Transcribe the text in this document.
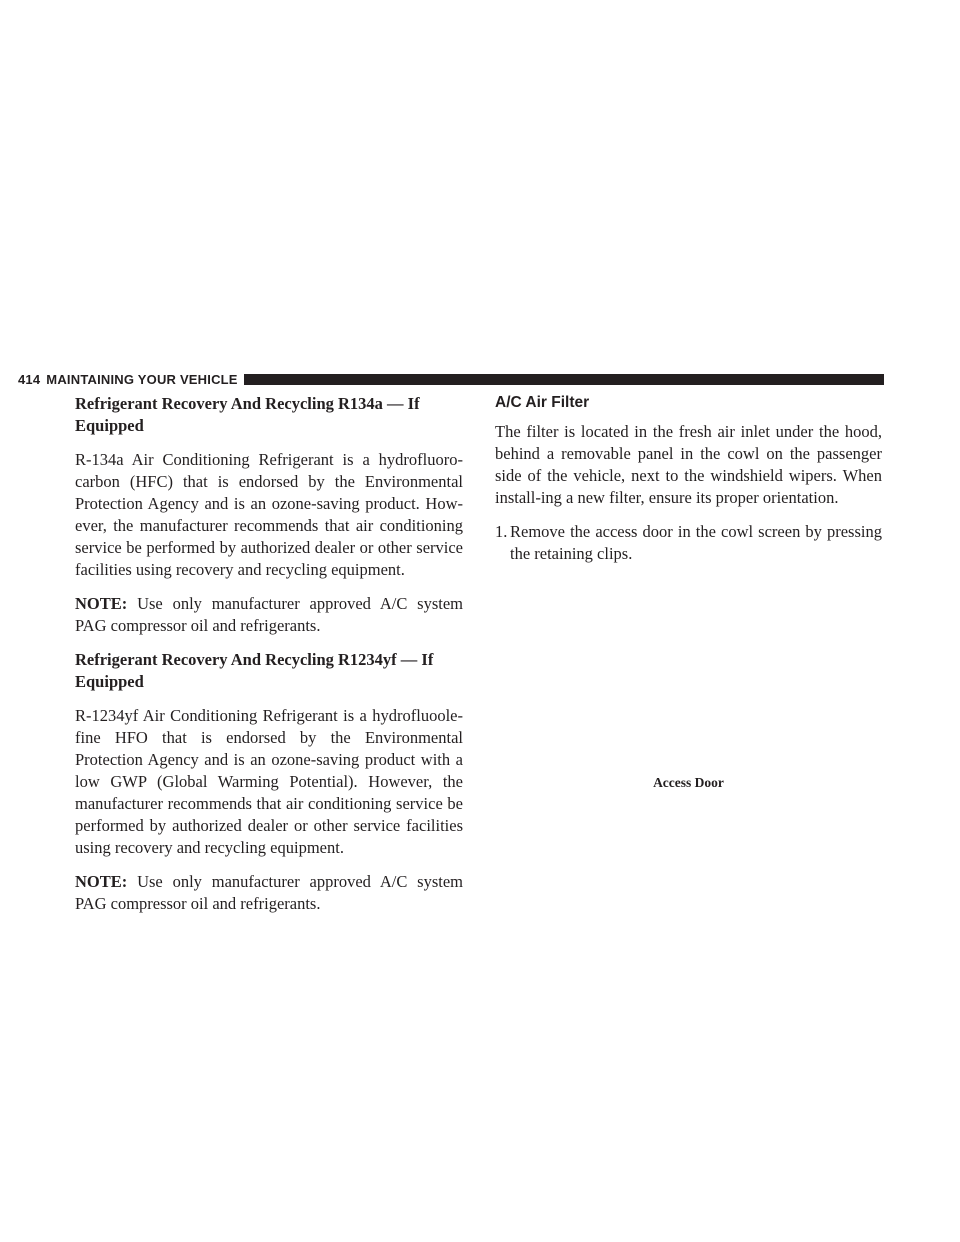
414 MAINTAINING YOUR VEHICLE
Refrigerant Recovery And Recycling R134a — If Equipped

R-134a Air Conditioning Refrigerant is a hydrofluoro-carbon (HFC) that is endorsed by the Environmental Protection Agency and is an ozone-saving product. How-ever, the manufacturer recommends that air conditioning service be performed by authorized dealer or other service facilities using recovery and recycling equipment.

NOTE: Use only manufacturer approved A/C system PAG compressor oil and refrigerants.

Refrigerant Recovery And Recycling R1234yf — If Equipped

R-1234yf Air Conditioning Refrigerant is a hydrofluoole-fine HFO that is endorsed by the Environmental Protection Agency and is an ozone-saving product with a low GWP (Global Warming Potential). However, the manufacturer recommends that air conditioning service be performed by authorized dealer or other service facilities using recovery and recycling equipment.

NOTE: Use only manufacturer approved A/C system PAG compressor oil and refrigerants.

A/C Air Filter

The filter is located in the fresh air inlet under the hood, behind a removable panel in the cowl on the passenger side of the vehicle, next to the windshield wipers. When install-ing a new filter, ensure its proper orientation.

1. Remove the access door in the cowl screen by pressing the retaining clips.
Access Door
